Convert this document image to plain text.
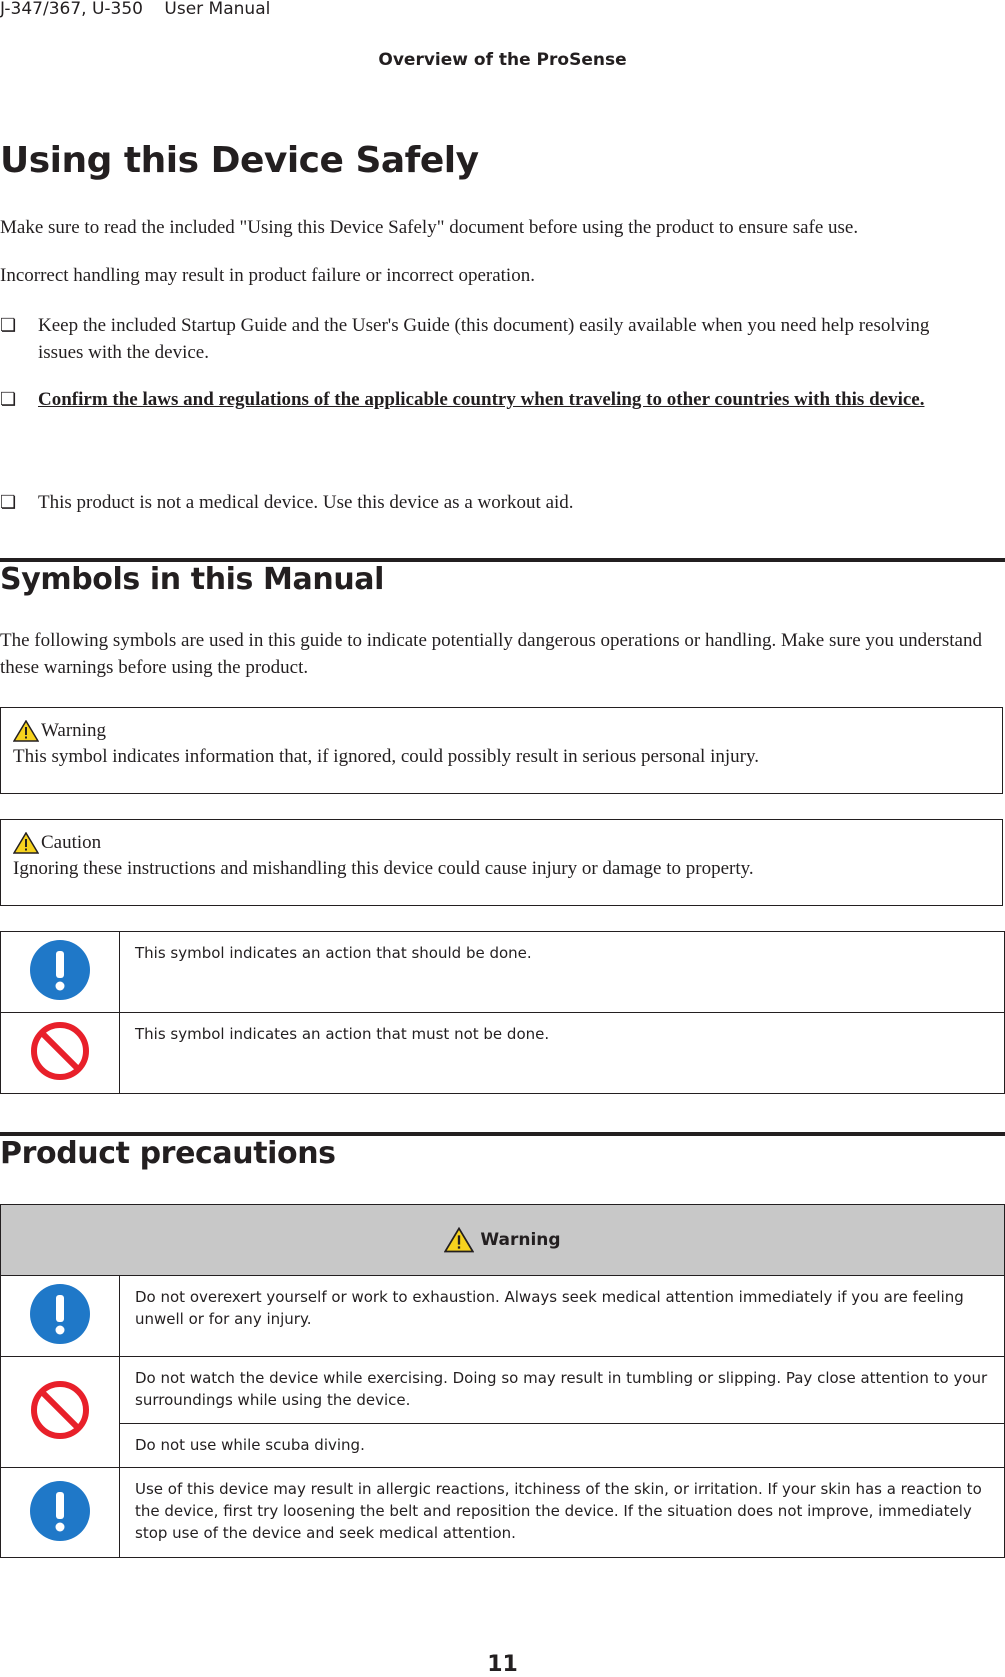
J-347/367, U-350 User Manual
Overview of the ProSense
Using this Device Safely

Make sure to read the included "Using this Device Safely" document before using the product to ensure safe use.

Incorrect handling may result in product failure or incorrect operation.

❏ Keep the included Startup Guide and the User's Guide (this document) easily available when you need help resolving issues with the device.
❏ Confirm the laws and regulations of the applicable country when traveling to other countries with this device.
❏ This product is not a medical device. Use this device as a workout aid.
Symbols in this Manual

The following symbols are used in this guide to indicate potentially dangerous operations or handling. Make sure you understand these warnings before using the product.

Warning
This symbol indicates information that, if ignored, could possibly result in serious personal injury.
Caution
Ignoring these instructions and mishandling this device could cause injury or damage to property.
	This symbol indicates an action that should be done.
	This symbol indicates an action that must not be done.
Product precautions
Warning	
	Do not overexert yourself or work to exhaustion. Always seek medical attention immediately if you are feeling unwell or for any injury.
	Do not watch the device while exercising. Doing so may result in tumbling or slipping. Pay close attention to your surroundings while using the device.
	Do not use while scuba diving.
	Use of this device may result in allergic reactions, itchiness of the skin, or irritation. If your skin has a reaction to the device, first try loosening the belt and reposition the device. If the situation does not improve, immediately stop use of the device and seek medical attention.
11
